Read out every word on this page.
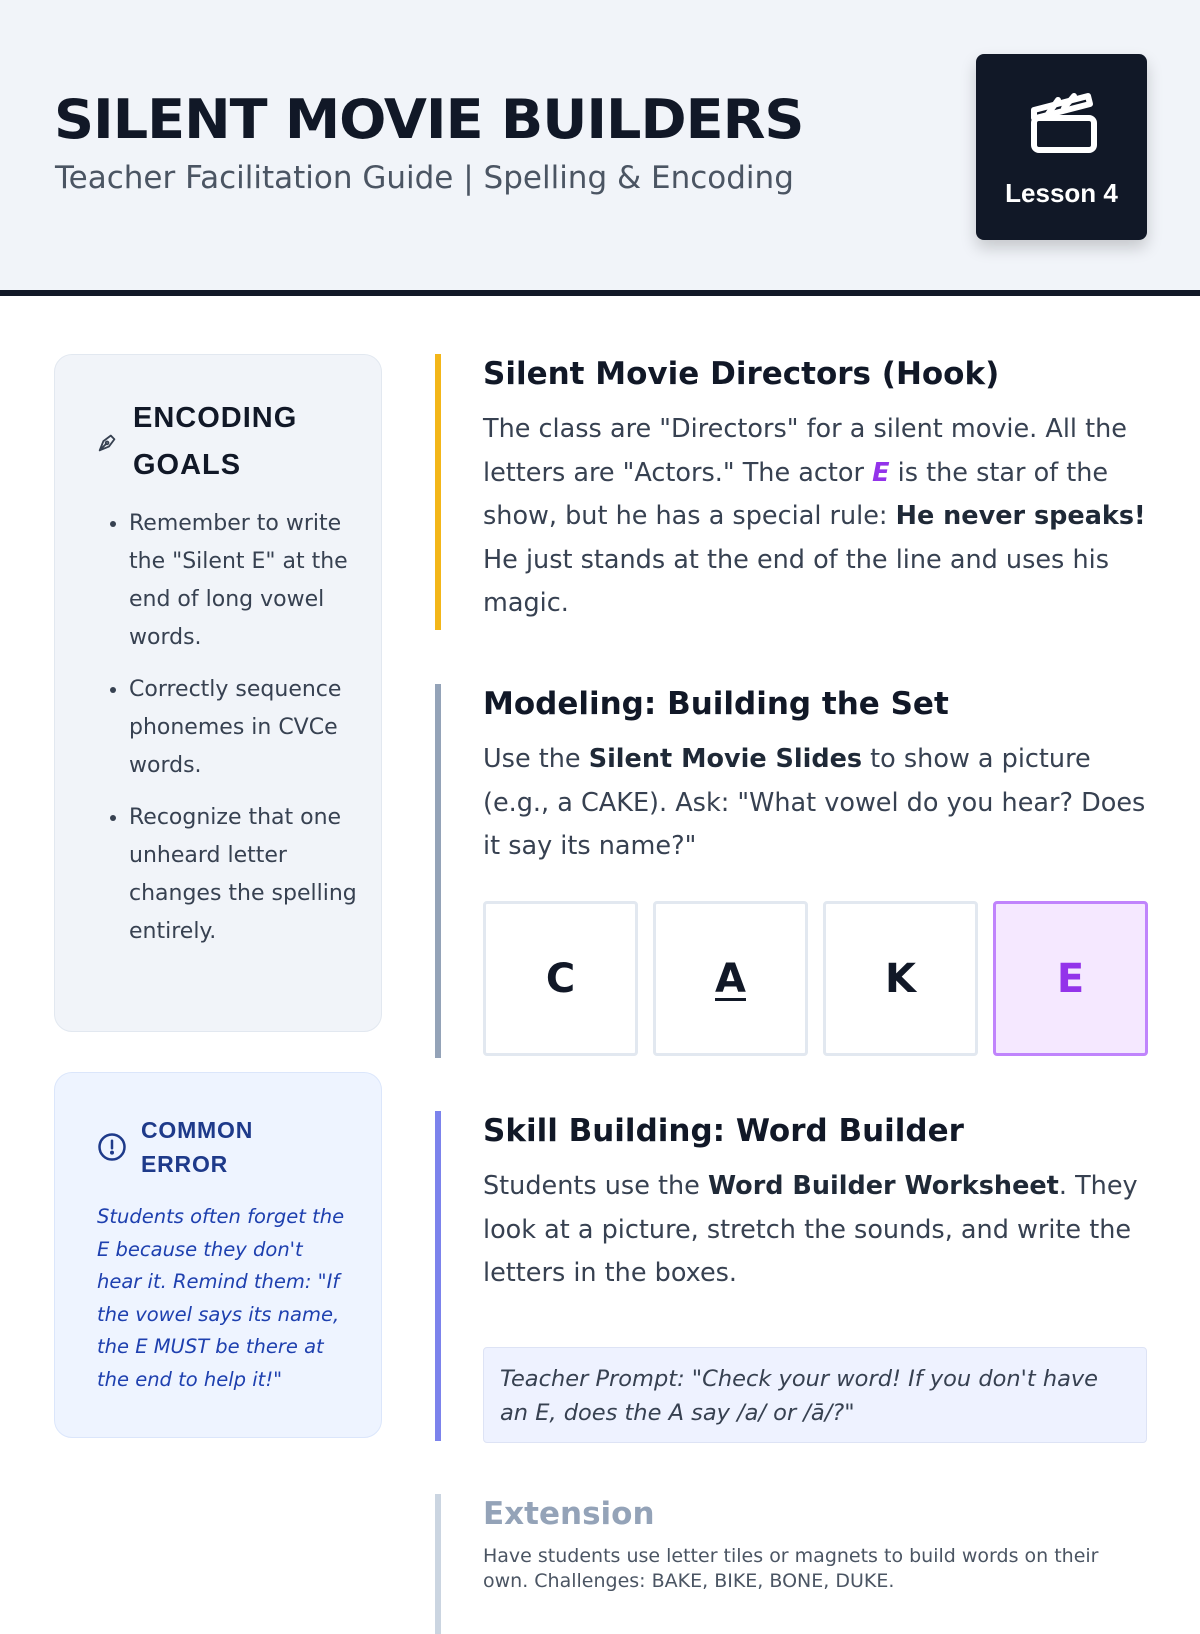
SILENT MOVIE BUILDERS
Teacher Facilitation Guide | Spelling & Encoding	Lesson 4
ENCODING GOALS
• Remember to write the "Silent E" at the end of long vowel words.
• Correctly sequence phonemes in CVCe words.
• Recognize that one unheard letter changes the spelling entirely.
COMMON
ERROR

Students often forget the E because they don't hear it. Remind them: "If the vowel says its name, the E MUST be there at the end to help it!"

Silent Movie Directors (Hook)

The class are "Directors" for a silent movie. All the letters are "Actors." The actor E is the star of the show, but he has a special rule: He never speaks! He just stands at the end of the line and uses his magic.

Modeling: Building the Set

Use the Silent Movie Slides to show a picture (e.g., a CAKE). Ask: "What vowel do you hear? Does it say its name?"

C	A	K	E
Skill Building: Word Builder

Students use the Word Builder Worksheet. They look at a picture, stretch the sounds, and write the letters in the boxes.

Teacher Prompt: "Check your word! If you don't have an E, does the A say /a/ or /ā/?"
Extension

Have students use letter tiles or magnets to build words on their own. Challenges: BAKE, BIKE, BONE, DUKE.
